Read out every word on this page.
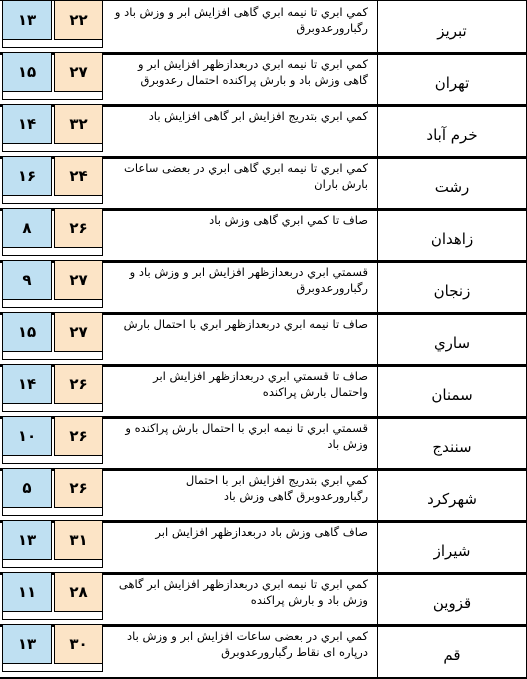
تبریز
کمي ابري تا نیمه ابري گاهی افزایش ابر و وزش باد و رگبارورعدوبرق
۲۲
۱۳
تهران
کمي ابري تا نیمه ابري دربعدازظهر افزایش ابر و گاهی وزش باد و بارش پراکنده احتمال رعدوبرق
۲۷
۱۵
خرم آباد
کمي ابري بتدریج افزایش ابر گاهی افزایش باد
۳۲
۱۴
رشت
کمي ابري تا نیمه ابري گاهی ابري در بعضی ساعات بارش باران
۲۴
۱۶
زاهدان
صاف تا کمي ابري گاهی وزش باد
۲۶
۸
زنجان
قسمتي ابري دربعدازظهر افزایش ابر و وزش باد و رگبارورعدوبرق
۲۷
۹
ساري
صاف تا نیمه ابري دربعدازظهر ابري با احتمال بارش
۲۷
۱۵
سمنان
صاف تا قسمتي ابري دربعدازظهر افزایش ابر واحتمال بارش پراکنده
۲۶
۱۴
سنندج
قسمتي ابري تا نیمه ابري با احتمال بارش پراکنده و وزش باد
۲۶
۱۰
شهرکرد
کمي ابري بتدریج افزایش ابر با احتمال رگبارورعدوبرق گاهی وزش باد
۲۶
۵
شيراز
صاف گاهی وزش باد دربعدازظهر افزایش ابر
۳۱
۱۳
قزوين
کمي ابري تا نیمه ابري دربعدازظهر افزایش ابر گاهی وزش باد و بارش پراکنده
۲۸
۱۱
قم
کمي ابري در بعضی ساعات افزایش ابر و وزش باد درپاره ای نقاط رگبارورعدوبرق
۳۰
۱۳
